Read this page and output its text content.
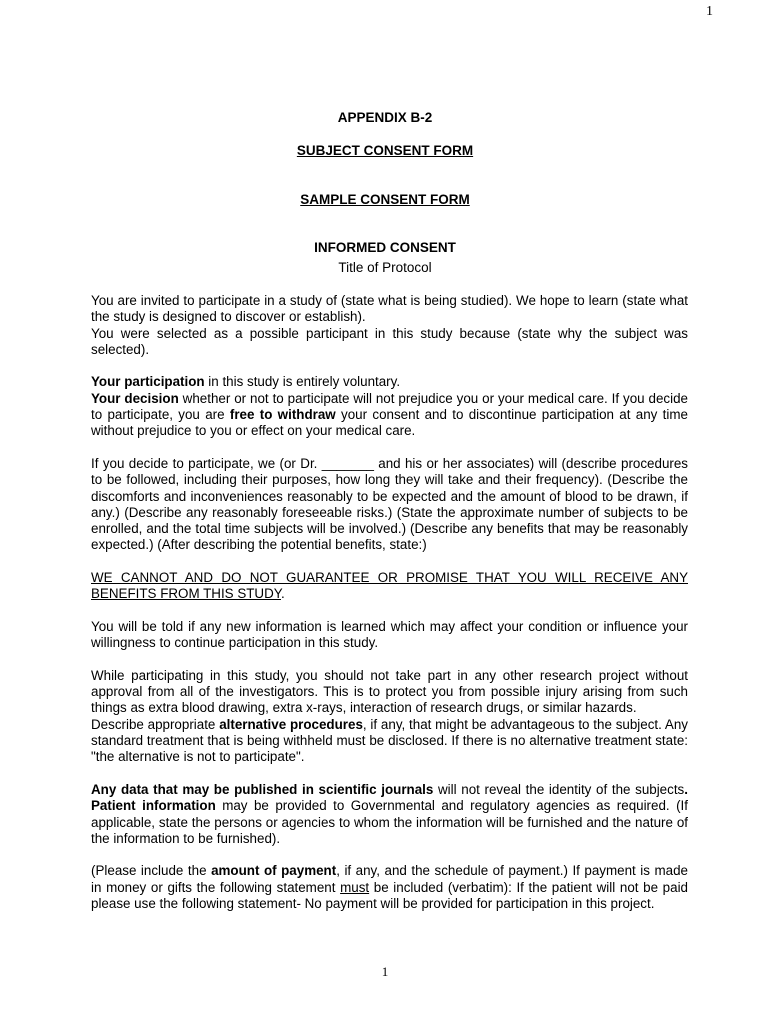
1
APPENDIX B-2
SUBJECT CONSENT FORM
SAMPLE CONSENT FORM
INFORMED CONSENT
Title of Protocol

You are invited to participate in a study of (state what is being studied). We hope to learn (state what the study is designed to discover or establish).

You were selected as a possible participant in this study because (state why the subject was selected).

Your participation in this study is entirely voluntary.

Your decision whether or not to participate will not prejudice you or your medical care. If you decide to participate, you are free to withdraw your consent and to discontinue participation at any time without prejudice to you or effect on your medical care.

If you decide to participate, we (or Dr. _______ and his or her associates) will (describe procedures to be followed, including their purposes, how long they will take and their frequency). (Describe the discomforts and inconveniences reasonably to be expected and the amount of blood to be drawn, if any.) (Describe any reasonably foreseeable risks.) (State the approximate number of subjects to be enrolled, and the total time subjects will be involved.) (Describe any benefits that may be reasonably expected.) (After describing the potential benefits, state:)

WE CANNOT AND DO NOT GUARANTEE OR PROMISE THAT YOU WILL RECEIVE ANY BENEFITS FROM THIS STUDY.

You will be told if any new information is learned which may affect your condition or influence your willingness to continue participation in this study.

While participating in this study, you should not take part in any other research project without approval from all of the investigators. This is to protect you from possible injury arising from such things as extra blood drawing, extra x-rays, interaction of research drugs, or similar hazards.

Describe appropriate alternative procedures, if any, that might be advantageous to the subject. Any standard treatment that is being withheld must be disclosed. If there is no alternative treatment state: "the alternative is not to participate".

Any data that may be published in scientific journals will not reveal the identity of the subjects. Patient information may be provided to Governmental and regulatory agencies as required. (If applicable, state the persons or agencies to whom the information will be furnished and the nature of the information to be furnished).

(Please include the amount of payment, if any, and the schedule of payment.) If payment is made in money or gifts the following statement must be included (verbatim): If the patient will not be paid please use the following statement- No payment will be provided for participation in this project.

1
